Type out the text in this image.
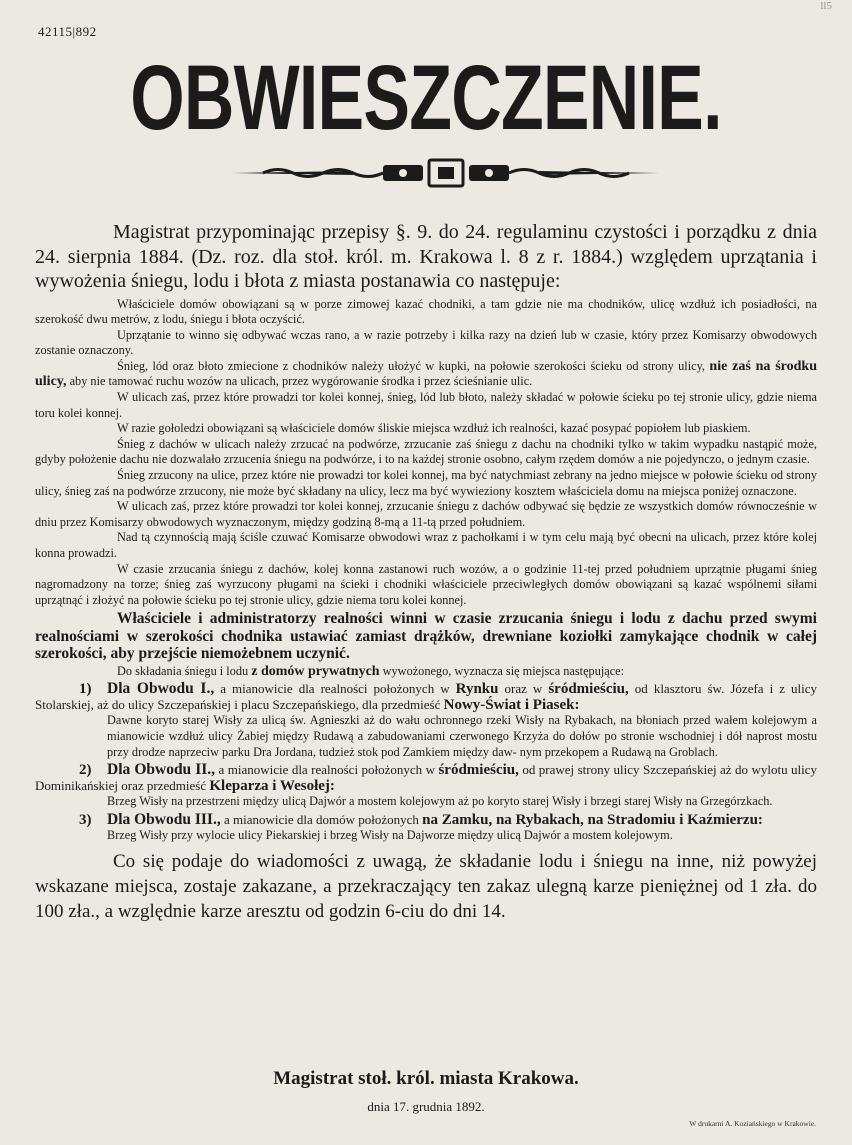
42115|892
ll5
OBWIESZCZENIE.

Magistrat przypominając przepisy §. 9. do 24. regulaminu czystości i porządku z dnia 24. sierpnia 1884. (Dz. roz. dla stoł. król. m. Krakowa l. 8 z r. 1884.) względem uprzątania i wywożenia śniegu, lodu i błota z miasta postanawia co następuje:

Właściciele domów obowiązani są w porze zimowej kazać chodniki, a tam gdzie nie ma chodników, ulicę wzdłuż ich posiadłości, na szerokość dwu metrów, z lodu, śniegu i błota oczyścić.

Uprzątanie to winno się odbywać wczas rano, a w razie potrzeby i kilka razy na dzień lub w czasie, który przez Komisarzy obwodowych zostanie oznaczony.

Śnieg, lód oraz błoto zmiecione z chodników należy ułożyć w kupki, na połowie szerokości ścieku od strony ulicy, nie zaś na środku ulicy, aby nie tamować ruchu wozów na ulicach, przez wygórowanie środka i przez ścieśnianie ulic.

W ulicach zaś, przez które prowadzi tor kolei konnej, śnieg, lód lub błoto, należy składać w połowie ścieku po tej stronie ulicy, gdzie niema toru kolei konnej.

W razie gołoledzi obowiązani są właściciele domów śliskie miejsca wzdłuż ich realności, kazać posypać popiołem lub piaskiem.

Śnieg z dachów w ulicach należy zrzucać na podwórze, zrzucanie zaś śniegu z dachu na chodniki tylko w takim wypadku nastąpić może, gdyby położenie dachu nie dozwalało zrzucenia śniegu na podwórze, i to na każdej stronie osobno, całym rzędem domów a nie pojedynczo, o jednym czasie.

Śnieg zrzucony na ulice, przez które nie prowadzi tor kolei konnej, ma być natychmiast zebrany na jedno miejsce w połowie ścieku od strony ulicy, śnieg zaś na podwórze zrzucony, nie może być składany na ulicy, lecz ma być wywieziony kosztem właściciela domu na miejsca poniżej oznaczone.

W ulicach zaś, przez które prowadzi tor kolei konnej, zrzucanie śniegu z dachów odbywać się będzie ze wszystkich domów równocześnie w dniu przez Komisarzy obwodowych wyznaczonym, między godziną 8-mą a 11-tą przed południem.

Nad tą czynnością mają ściśle czuwać Komisarze obwodowi wraz z pachołkami i w tym celu mają być obecni na ulicach, przez które kolej konna prowadzi.

W czasie zrzucania śniegu z dachów, kolej konna zastanowi ruch wozów, a o godzinie 11-tej przed południem uprzątnie pługami śnieg nagromadzony na torze; śnieg zaś wyrzucony pługami na ścieki i chodniki właściciele przeciwległych domów obowiązani są kazać wspólnemi siłami uprzątnąć i złożyć na połowie ścieku po tej stronie ulicy, gdzie niema toru kolei konnej.

Właściciele i administratorzy realności winni w czasie zrzucania śniegu i lodu z dachu przed swymi realnościami w szerokości chodnika ustawiać zamiast drążków, drewniane koziołki zamykające chodnik w całej szerokości, aby przejście niemożebnem uczynić.

Do składania śniegu i lodu z domów prywatnych wywożonego, wyznacza się miejsca następujące:

1) Dla Obwodu I., a mianowicie dla realności położonych w Rynku oraz w śródmieściu, od klasztoru św. Józefa i z ulicy Stolarskiej, aż do ulicy Szczepańskiej i placu Szczepańskiego, dla przedmieść Nowy-Świat i Piasek:

Dawne koryto starej Wisły za ulicą św. Agnieszki aż do wału ochronnego rzeki Wisły na Rybakach, na błoniach przed wałem kolejowym a mianowicie wzdłuż ulicy Żabiej między Rudawą a zabudowaniami czerwonego Krzyża do dołów po stronie wschodniej i dół naprost mostu przy drodze naprzeciw parku Dra Jordana, tudzież stok pod Zamkiem między daw- nym przekopem a Rudawą na Groblach.

2) Dla Obwodu II., a mianowicie dla realności położonych w śródmieściu, od prawej strony ulicy Szczepańskiej aż do wylotu ulicy Dominikańskiej oraz przedmieść Kleparza i Wesołej:

Brzeg Wisły na przestrzeni między ulicą Dajwór a mostem kolejowym aż po koryto starej Wisły i brzegi starej Wisły na Grzegórzkach.

3) Dla Obwodu III., a mianowicie dla domów położonych na Zamku, na Rybakach, na Stradomiu i Kaźmierzu:

Brzeg Wisły przy wylocie ulicy Piekarskiej i brzeg Wisły na Dajworze między ulicą Dajwór a mostem kolejowym.

Co się podaje do wiadomości z uwagą, że składanie lodu i śniegu na inne, niż powyżej wskazane miejsca, zostaje zakazane, a przekraczający ten zakaz ulegną karze pieniężnej od 1 zła. do 100 zła., a względnie karze aresztu od godzin 6-ciu do dni 14.

Magistrat stoł. król. miasta Krakowa.
dnia 17. grudnia 1892.
W drukarni A. Koziańskiego w Krakowie.
